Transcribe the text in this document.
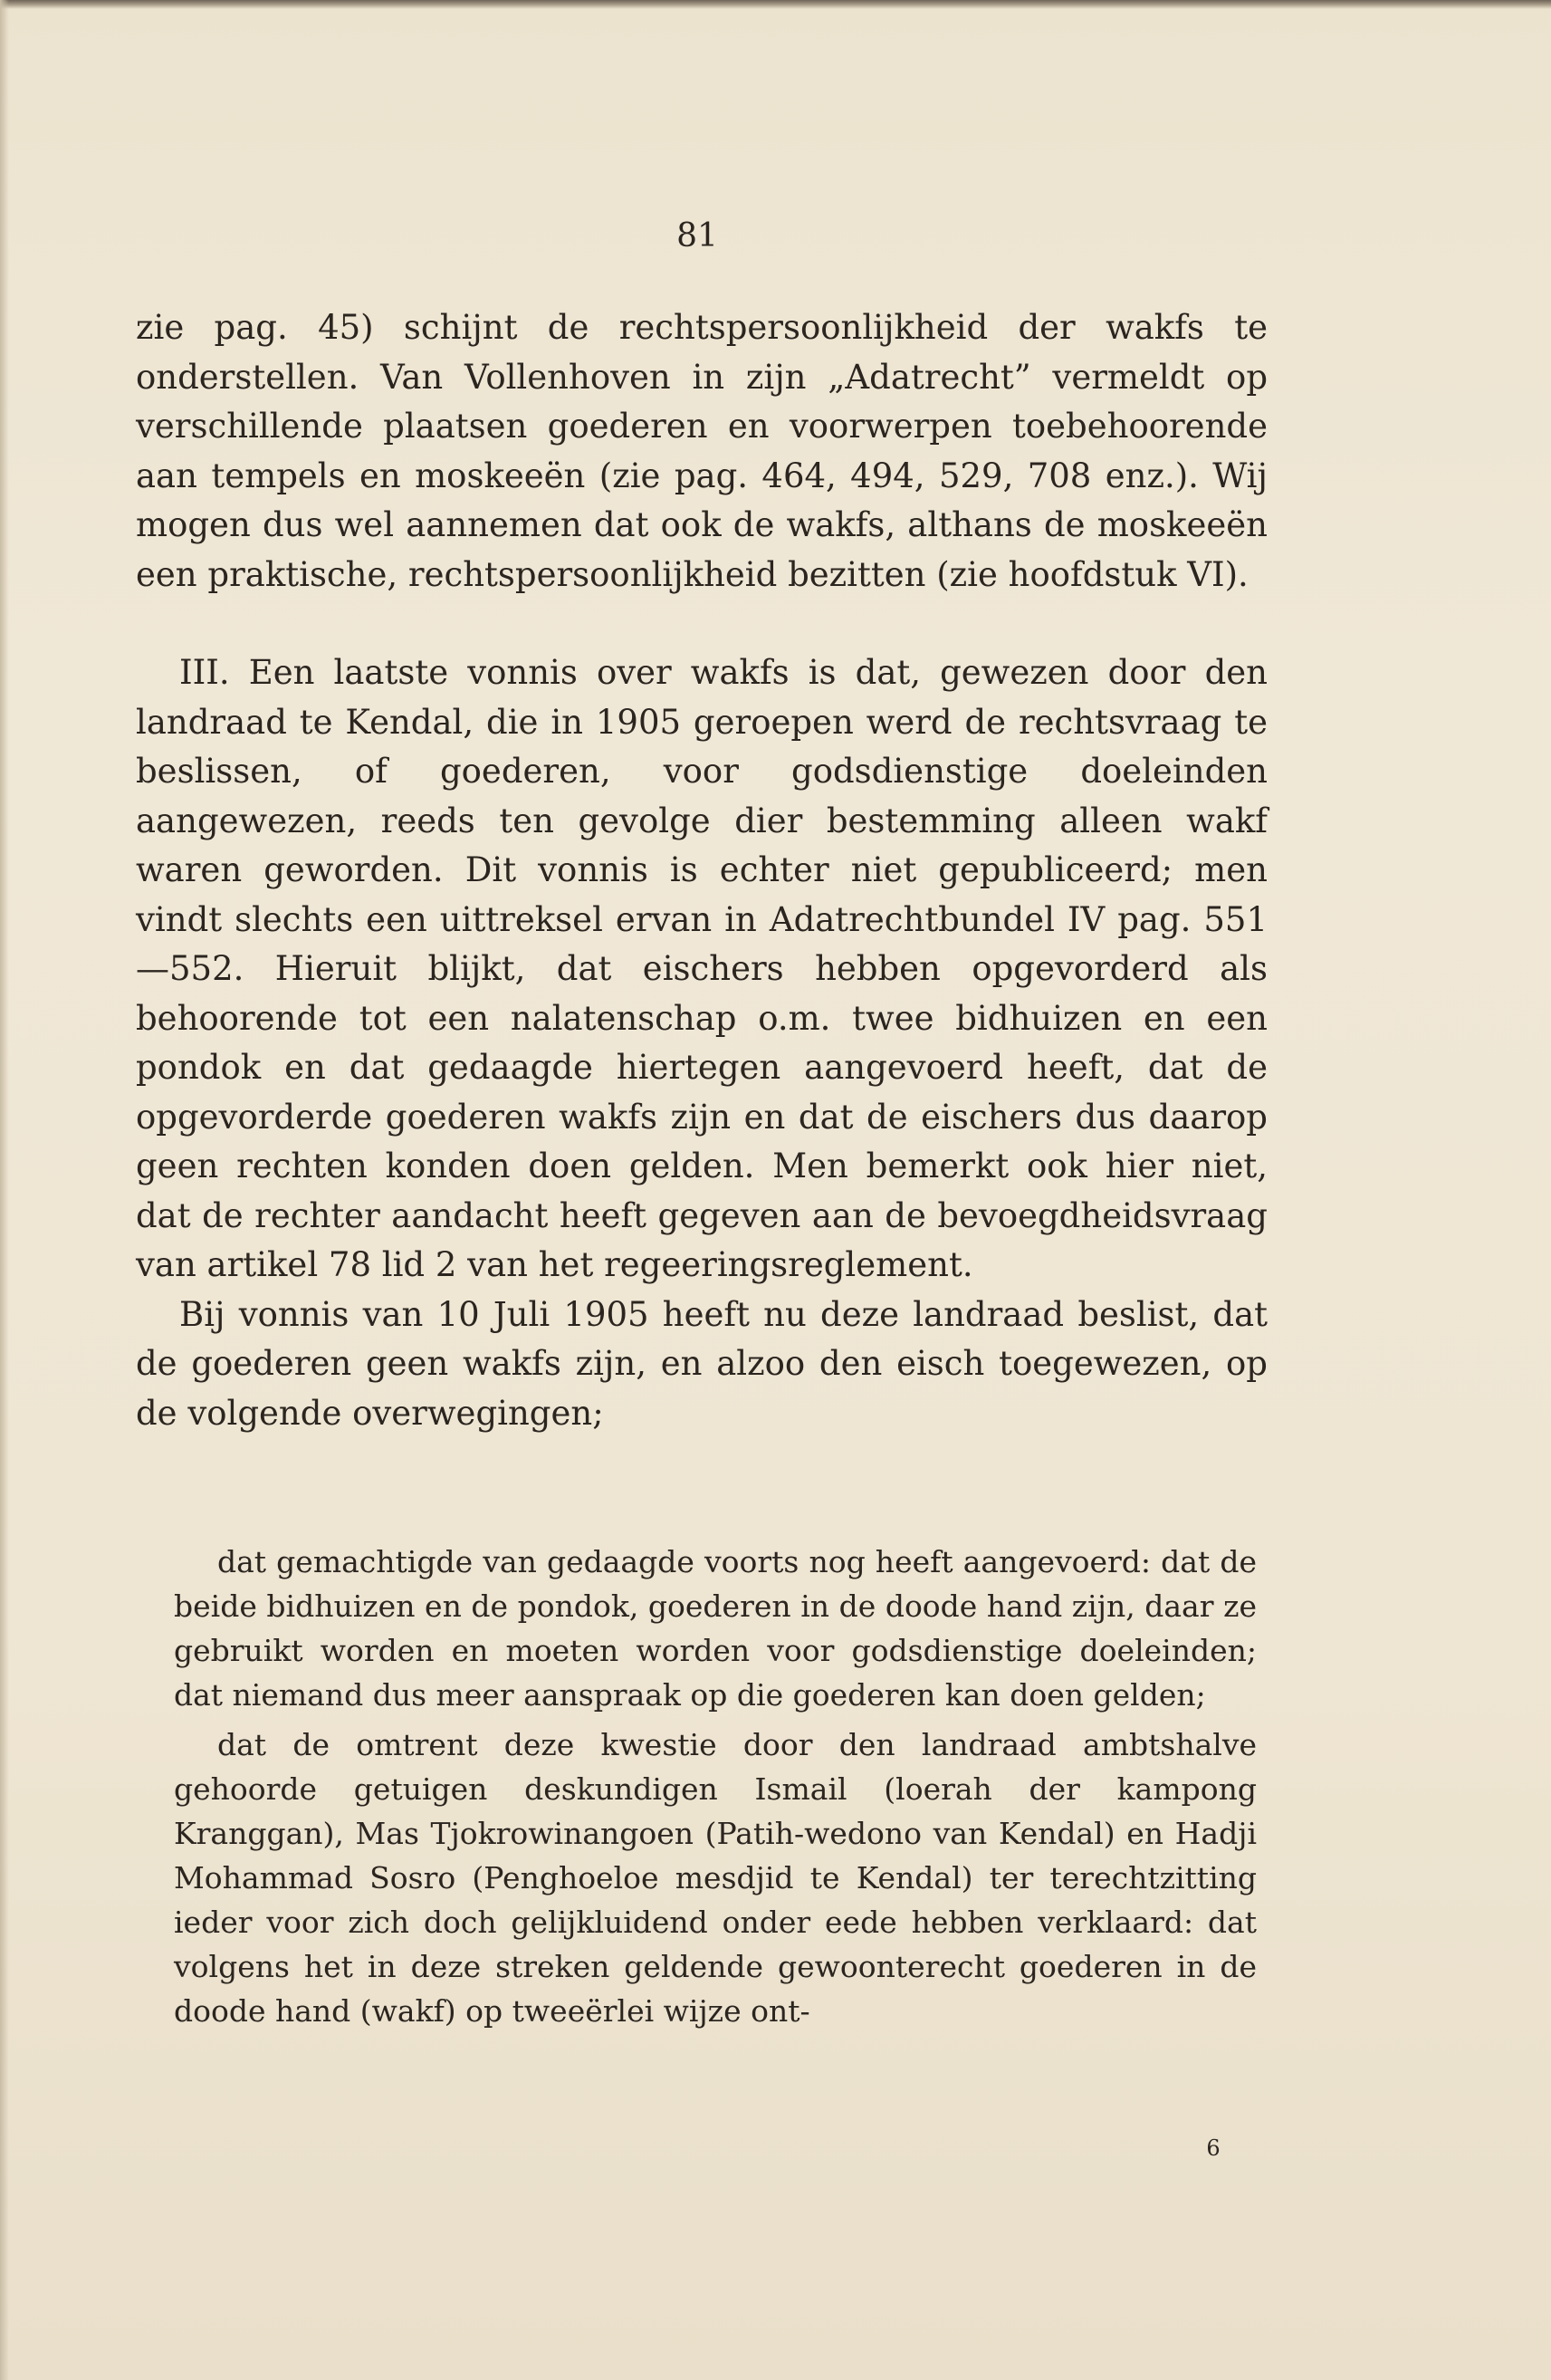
81

zie pag. 45) schijnt de rechtspersoonlijkheid der wakfs te onderstellen. Van Vollenhoven in zijn „Adatrecht” vermeldt op verschillende plaatsen goederen en voorwerpen toebehoorende aan tempels en moskeeën (zie pag. 464, 494, 529, 708 enz.). Wij mogen dus wel aannemen dat ook de wakfs, althans de moskeeën een praktische, rechtspersoonlijkheid bezitten (zie hoofdstuk VI).

III. Een laatste vonnis over wakfs is dat, gewezen door den landraad te Kendal, die in 1905 geroepen werd de rechtsvraag te beslissen, of goederen, voor godsdienstige doeleinden aangewezen, reeds ten gevolge dier bestemming alleen wakf waren geworden. Dit vonnis is echter niet gepubliceerd; men vindt slechts een uittreksel ervan in Adatrechtbundel IV pag. 551—552. Hieruit blijkt, dat eischers hebben opgevorderd als behoorende tot een nalatenschap o.m. twee bidhuizen en een pondok en dat gedaagde hiertegen aangevoerd heeft, dat de opgevorderde goederen wakfs zijn en dat de eischers dus daarop geen rechten konden doen gelden. Men bemerkt ook hier niet, dat de rechter aandacht heeft gegeven aan de bevoegdheidsvraag van artikel 78 lid 2 van het regeeringsreglement.

Bij vonnis van 10 Juli 1905 heeft nu deze landraad beslist, dat de goederen geen wakfs zijn, en alzoo den eisch toegewezen, op de volgende overwegingen;

dat gemachtigde van gedaagde voorts nog heeft aangevoerd: dat de beide bidhuizen en de pondok, goederen in de doode hand zijn, daar ze gebruikt worden en moeten worden voor godsdienstige doeleinden; dat niemand dus meer aanspraak op die goederen kan doen gelden;

dat de omtrent deze kwestie door den landraad ambtshalve gehoorde getuigen deskundigen Ismail (loerah der kampong Kranggan), Mas Tjokrowinangoen (Patih-wedono van Kendal) en Hadji Mohammad Sosro (Penghoeloe mesdjid te Kendal) ter terechtzitting ieder voor zich doch gelijkluidend onder eede hebben verklaard: dat volgens het in deze streken geldende gewoonterecht goederen in de doode hand (wakf) op tweeërlei wijze ont-

6
